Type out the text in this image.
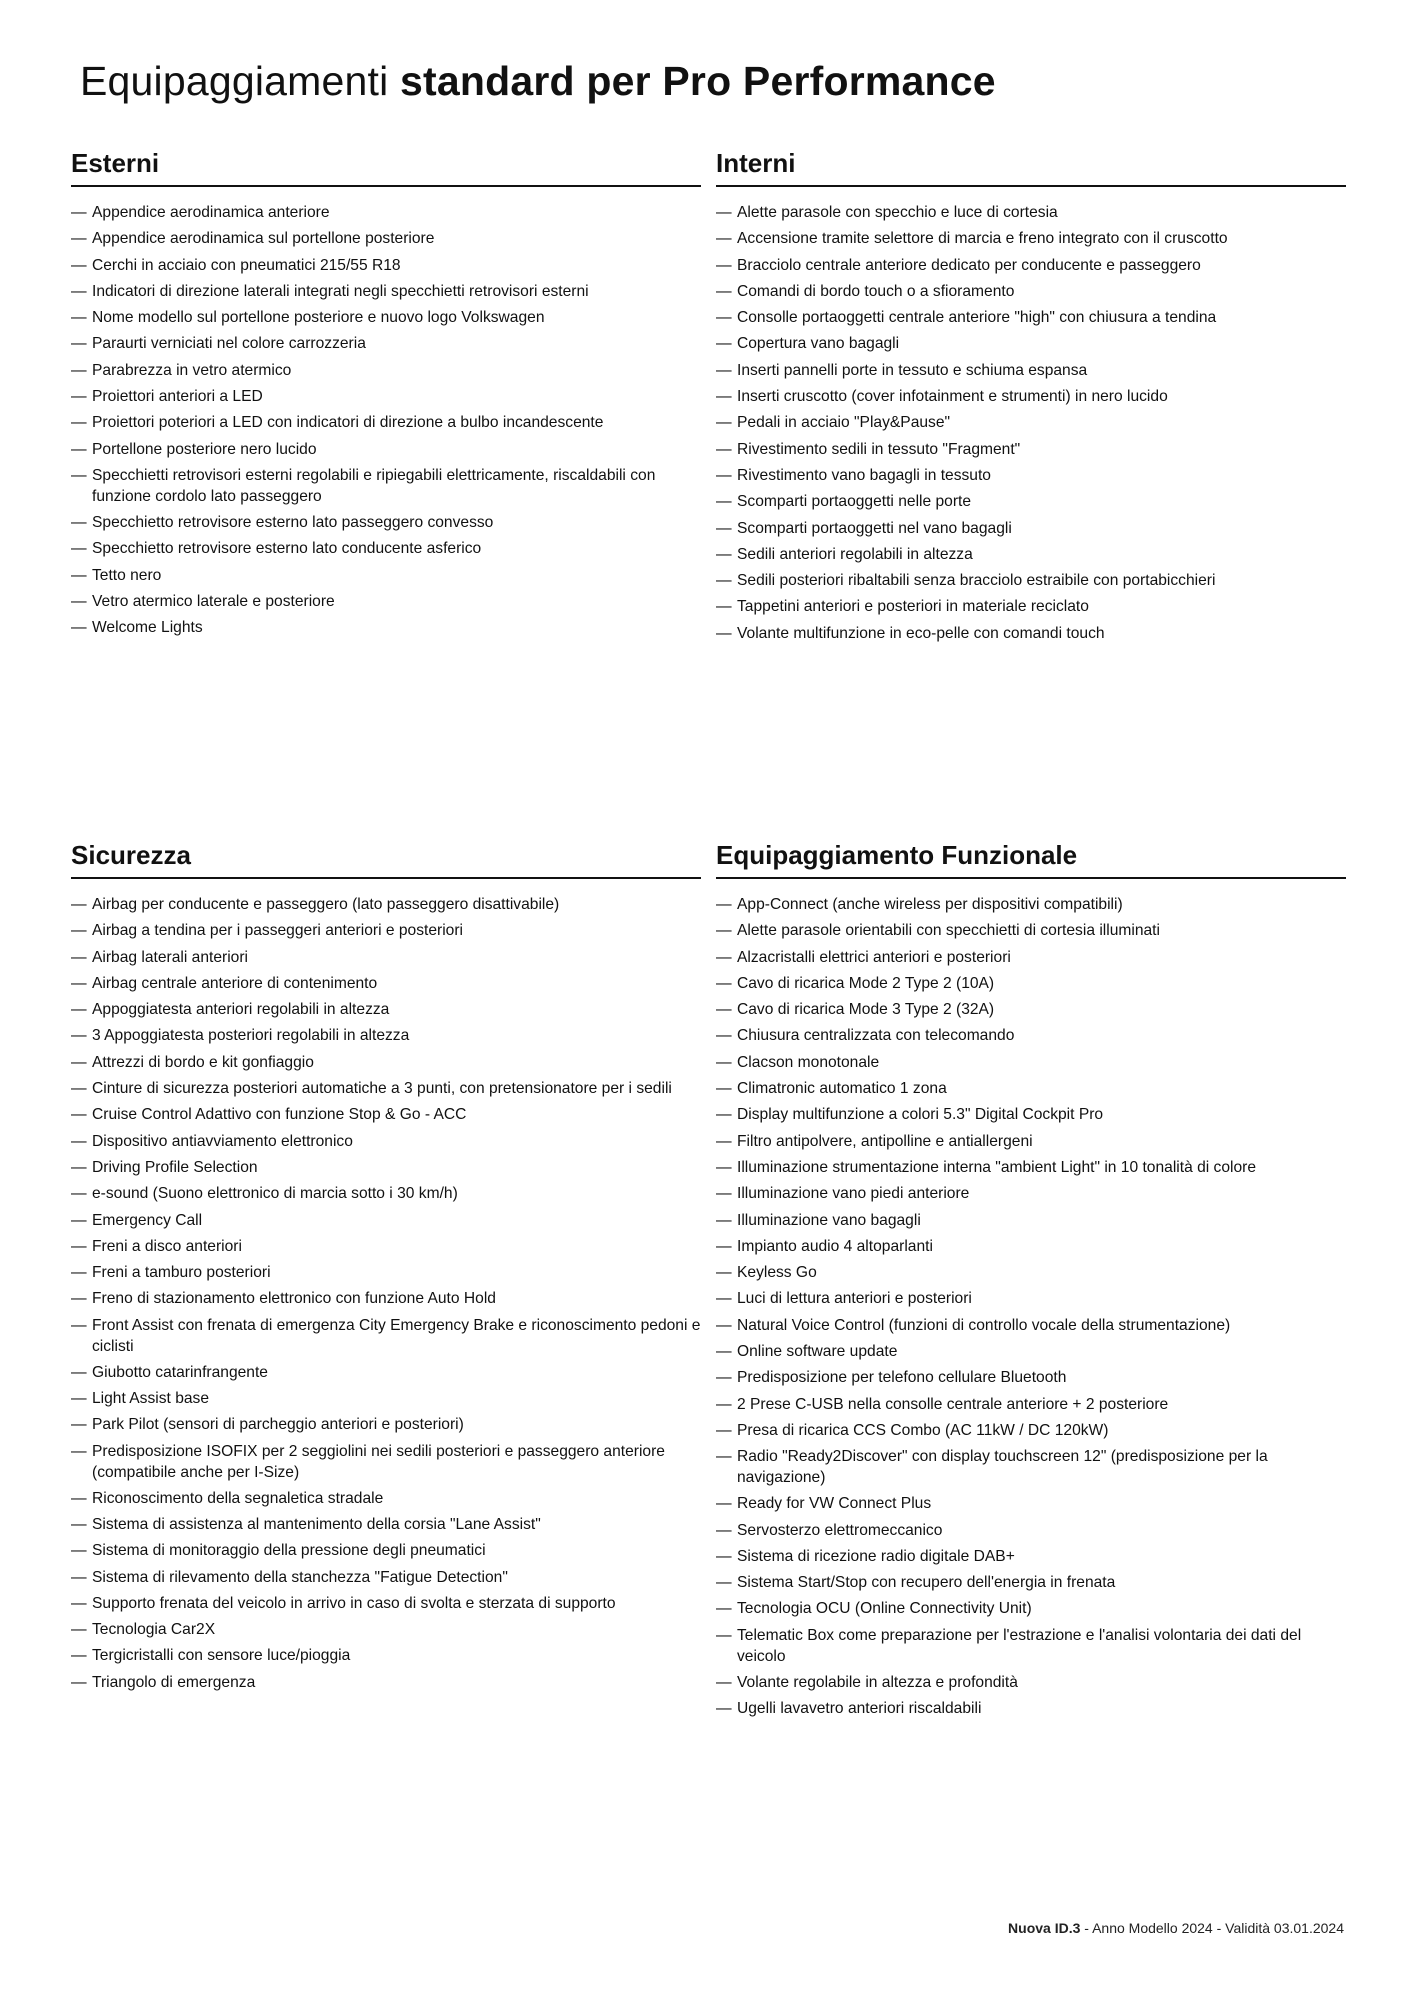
Equipaggiamenti standard per Pro Performance
Esterni
— Appendice aerodinamica anteriore
— Appendice aerodinamica sul portellone posteriore
— Cerchi in acciaio con pneumatici 215/55 R18
— Indicatori di direzione laterali integrati negli specchietti retrovisori esterni
— Nome modello sul portellone posteriore e nuovo logo Volkswagen
— Paraurti verniciati nel colore carrozzeria
— Parabrezza in vetro atermico
— Proiettori anteriori a LED
— Proiettori poteriori a LED con indicatori di direzione a bulbo incandescente
— Portellone posteriore nero lucido
— Specchietti retrovisori esterni regolabili e ripiegabili elettricamente, riscaldabili con funzione cordolo lato passeggero
— Specchietto retrovisore esterno lato passeggero convesso
— Specchietto retrovisore esterno lato conducente asferico
— Tetto nero
— Vetro atermico laterale e posteriore
— Welcome Lights
Interni
— Alette parasole con specchio e luce di cortesia
— Accensione tramite selettore di marcia e freno integrato con il cruscotto
— Bracciolo centrale anteriore dedicato per conducente e passeggero
— Comandi di bordo touch o a sfioramento
— Consolle portaoggetti centrale anteriore "high" con chiusura a tendina
— Copertura vano bagagli
— Inserti pannelli porte in tessuto e schiuma espansa
— Inserti cruscotto (cover infotainment e strumenti) in nero lucido
— Pedali in acciaio "Play&Pause"
— Rivestimento sedili in tessuto "Fragment"
— Rivestimento vano bagagli in tessuto
— Scomparti portaoggetti nelle porte
— Scomparti portaoggetti nel vano bagagli
— Sedili anteriori regolabili in altezza
— Sedili posteriori ribaltabili senza bracciolo estraibile con portabicchieri
— Tappetini anteriori e posteriori in materiale reciclato
— Volante multifunzione in eco-pelle con comandi touch
Sicurezza
— Airbag per conducente e passeggero (lato passeggero disattivabile)
— Airbag a tendina per i passeggeri anteriori e posteriori
— Airbag laterali anteriori
— Airbag centrale anteriore di contenimento
— Appoggiatesta anteriori regolabili in altezza
— 3 Appoggiatesta posteriori regolabili in altezza
— Attrezzi di bordo e kit gonfiaggio
— Cinture di sicurezza posteriori automatiche a 3 punti, con pretensionatore per i sedili
— Cruise Control Adattivo con funzione Stop & Go - ACC
— Dispositivo antiavviamento elettronico
— Driving Profile Selection
— e-sound (Suono elettronico di marcia sotto i 30 km/h)
— Emergency Call
— Freni a disco anteriori
— Freni a tamburo posteriori
— Freno di stazionamento elettronico con funzione Auto Hold
— Front Assist con frenata di emergenza City Emergency Brake e riconoscimento pedoni e ciclisti
— Giubotto catarinfrangente
— Light Assist base
— Park Pilot (sensori di parcheggio anteriori e posteriori)
— Predisposizione ISOFIX per 2 seggiolini nei sedili posteriori e passeggero anteriore (compatibile anche per I-Size)
— Riconoscimento della segnaletica stradale
— Sistema di assistenza al mantenimento della corsia "Lane Assist"
— Sistema di monitoraggio della pressione degli pneumatici
— Sistema di rilevamento della stanchezza "Fatigue Detection"
— Supporto frenata del veicolo in arrivo in caso di svolta e sterzata di supporto
— Tecnologia Car2X
— Tergicristalli con sensore luce/pioggia
— Triangolo di emergenza
Equipaggiamento Funzionale
— App-Connect (anche wireless per dispositivi compatibili)
— Alette parasole orientabili con specchietti di cortesia illuminati
— Alzacristalli elettrici anteriori e posteriori
— Cavo di ricarica Mode 2 Type 2 (10A)
— Cavo di ricarica Mode 3 Type 2 (32A)
— Chiusura centralizzata con telecomando
— Clacson monotonale
— Climatronic automatico 1 zona
— Display multifunzione a colori 5.3" Digital Cockpit Pro
— Filtro antipolvere, antipolline e antiallergeni
— Illuminazione strumentazione interna "ambient Light" in 10 tonalità di colore
— Illuminazione vano piedi anteriore
— Illuminazione vano bagagli
— Impianto audio 4 altoparlanti
— Keyless Go
— Luci di lettura anteriori e posteriori
— Natural Voice Control (funzioni di controllo vocale della strumentazione)
— Online software update
— Predisposizione per telefono cellulare Bluetooth
— 2 Prese C-USB nella consolle centrale anteriore + 2 posteriore
— Presa di ricarica CCS Combo (AC 11kW / DC 120kW)
— Radio "Ready2Discover" con display touchscreen 12" (predisposizione per la navigazione)
— Ready for VW Connect Plus
— Servosterzo elettromeccanico
— Sistema di ricezione radio digitale DAB+
— Sistema Start/Stop con recupero dell'energia in frenata
— Tecnologia OCU (Online Connectivity Unit)
— Telematic Box come preparazione per l'estrazione e l'analisi volontaria dei dati del veicolo
— Volante regolabile in altezza e profondità
— Ugelli lavavetro anteriori riscaldabili
Nuova ID.3 - Anno Modello 2024 - Validità 03.01.2024
